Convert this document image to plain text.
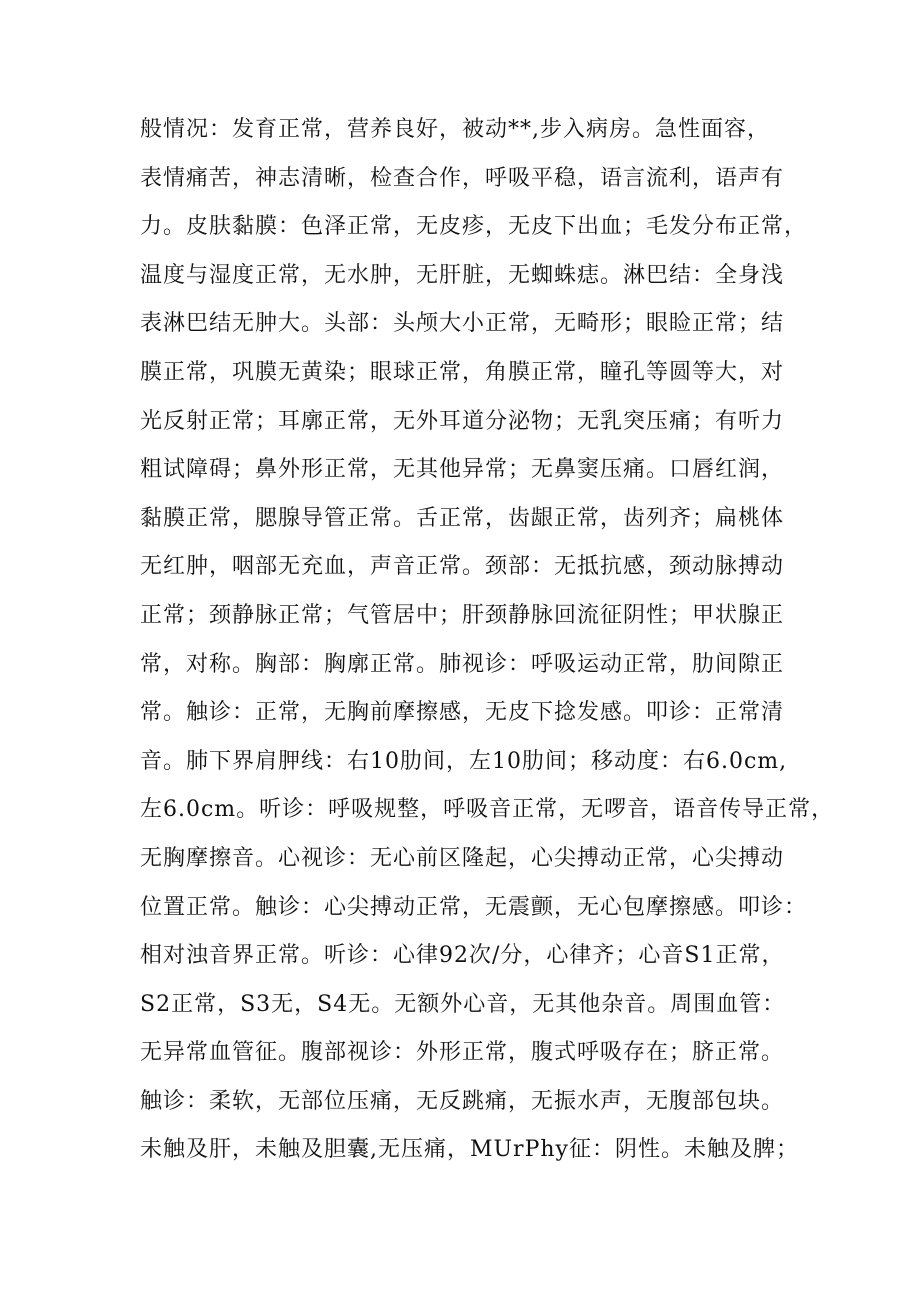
般情况：发育正常，营养良好，被动**,步入病房。急性面容，
表情痛苦，神志清晰，检查合作，呼吸平稳，语言流利，语声有
力。皮肤黏膜：色泽正常，无皮疹，无皮下出血；毛发分布正常，
温度与湿度正常，无水肿，无肝脏，无蜘蛛痣。淋巴结：全身浅
表淋巴结无肿大。头部：头颅大小正常，无畸形；眼睑正常；结
膜正常，巩膜无黄染；眼球正常，角膜正常，瞳孔等圆等大，对
光反射正常；耳廓正常，无外耳道分泌物；无乳突压痛；有听力
粗试障碍；鼻外形正常，无其他异常；无鼻窦压痛。口唇红润，
黏膜正常，腮腺导管正常。舌正常，齿龈正常，齿列齐；扁桃体
无红肿，咽部无充血，声音正常。颈部：无抵抗感，颈动脉搏动
正常；颈静脉正常；气管居中；肝颈静脉回流征阴性；甲状腺正
常，对称。胸部：胸廓正常。肺视诊：呼吸运动正常，肋间隙正
常。触诊：正常，无胸前摩擦感，无皮下捻发感。叩诊：正常清
音。肺下界肩胛线：右10肋间，左10肋间；移动度：右6.0cm,
左6.0cm。听诊：呼吸规整，呼吸音正常，无啰音，语音传导正常，
无胸摩擦音。心视诊：无心前区隆起，心尖搏动正常，心尖搏动
位置正常。触诊：心尖搏动正常，无震颤，无心包摩擦感。叩诊：
相对浊音界正常。听诊：心律92次/分，心律齐；心音S1正常，
S2正常，S3无，S4无。无额外心音，无其他杂音。周围血管：
无异常血管征。腹部视诊：外形正常，腹式呼吸存在；脐正常。
触诊：柔软，无部位压痛，无反跳痛，无振水声，无腹部包块。
未触及肝，未触及胆囊,无压痛，MUrPhy征：阴性。未触及脾；
